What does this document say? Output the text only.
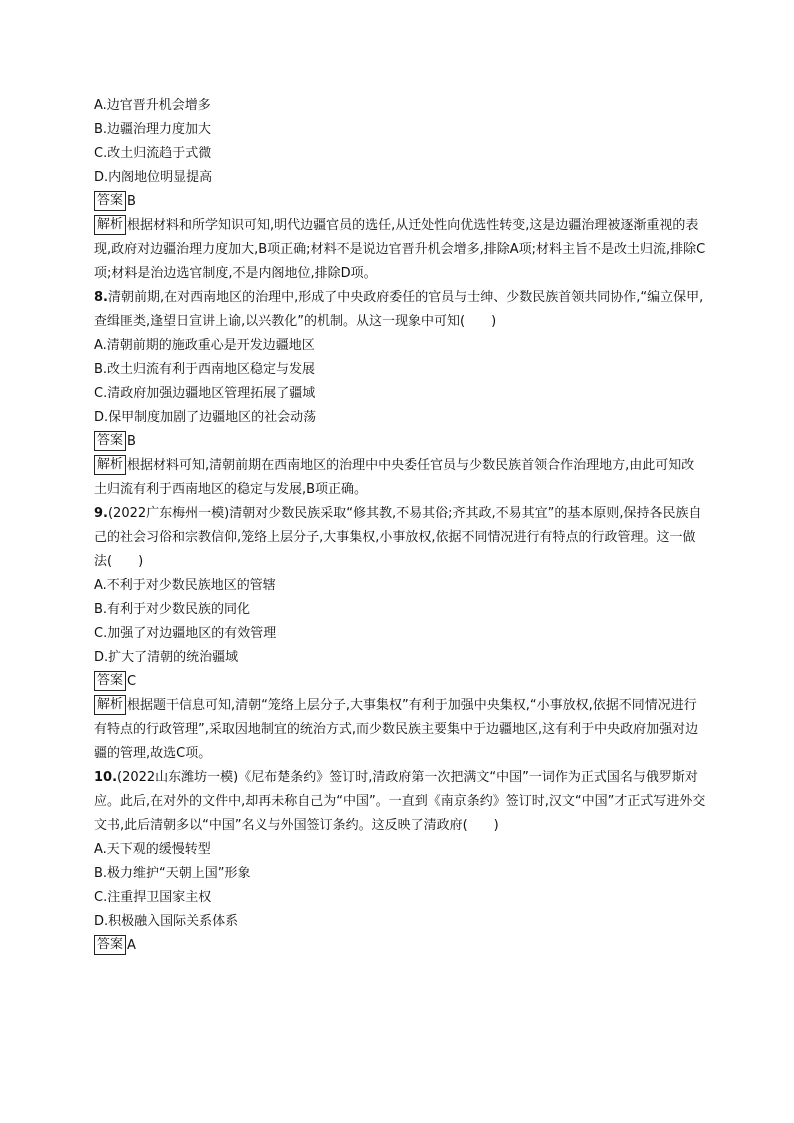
A.边官晋升机会增多
B.边疆治理力度加大
C.改土归流趋于式微
D.内阁地位明显提高
答案 B
解析 根据材料和所学知识可知,明代边疆官员的选任,从迁处性向优选性转变,这是边疆治理被逐渐重视的表现,政府对边疆治理力度加大,B项正确;材料不是说边官晋升机会增多,排除A项;材料主旨不是改土归流,排除C项;材料是治边选官制度,不是内阁地位,排除D项。
8.清朝前期,在对西南地区的治理中,形成了中央政府委任的官员与士绅、少数民族首领共同协作,“编立保甲,查缉匪类,逢望日宣讲上谕,以兴教化”的机制。从这一现象中可知(　　)
A.清朝前期的施政重心是开发边疆地区
B.改土归流有利于西南地区稳定与发展
C.清政府加强边疆地区管理拓展了疆域
D.保甲制度加剧了边疆地区的社会动荡
答案 B
解析 根据材料可知,清朝前期在西南地区的治理中中央委任官员与少数民族首领合作治理地方,由此可知改土归流有利于西南地区的稳定与发展,B项正确。
9.(2022广东梅州一模)清朝对少数民族采取“修其教,不易其俗;齐其政,不易其宜”的基本原则,保持各民族自己的社会习俗和宗教信仰,笼络上层分子,大事集权,小事放权,依据不同情况进行有特点的行政管理。这一做法(　　)
A.不利于对少数民族地区的管辖
B.有利于对少数民族的同化
C.加强了对边疆地区的有效管理
D.扩大了清朝的统治疆域
答案 C
解析 根据题干信息可知,清朝“笼络上层分子,大事集权”有利于加强中央集权,“小事放权,依据不同情况进行有特点的行政管理”,采取因地制宜的统治方式,而少数民族主要集中于边疆地区,这有利于中央政府加强对边疆的管理,故选C项。
10.(2022山东潍坊一模)《尼布楚条约》签订时,清政府第一次把满文“中国”一词作为正式国名与俄罗斯对应。此后,在对外的文件中,却再未称自己为“中国”。一直到《南京条约》签订时,汉文“中国”才正式写进外交文书,此后清朝多以“中国”名义与外国签订条约。这反映了清政府(　　)
A.天下观的缓慢转型
B.极力维护“天朝上国”形象
C.注重捍卫国家主权
D.积极融入国际关系体系
答案 A
